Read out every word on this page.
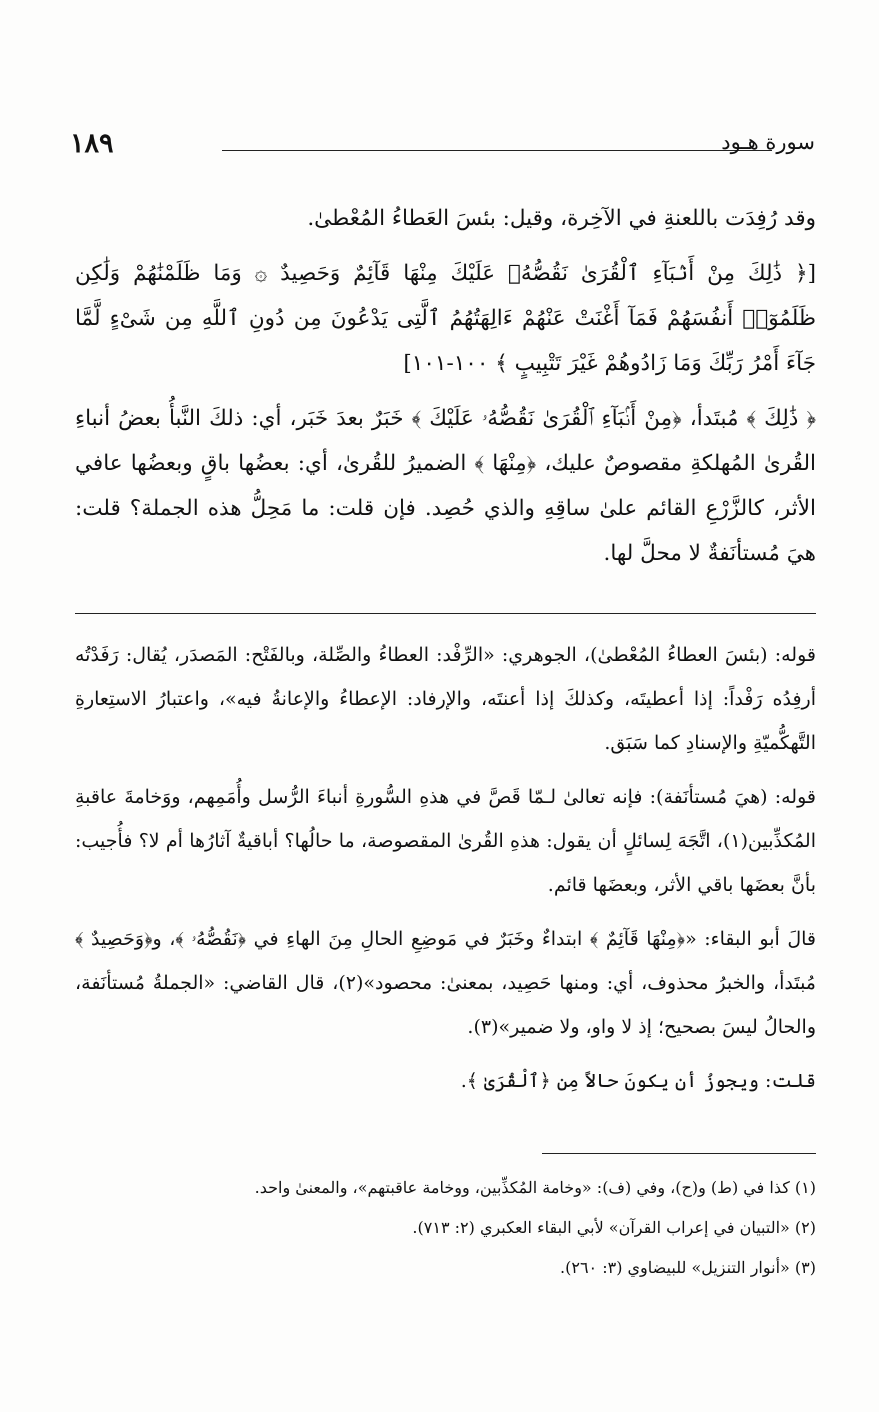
١٨٩	سورة هـود

وقد رُفِدَت باللعنةِ في الآخِرة، وقيل: بئسَ العَطاءُ المُعْطىٰ.

[﴿ ذَٰلِكَ مِنْ أَنۢبَآءِ ٱلْقُرَىٰ نَقُصُّهُۥ عَلَيْكَ مِنْهَا قَآئِمٌ وَحَصِيدٌ ۞ وَمَا ظَلَمْنَٰهُمْ وَلَٰكِن ظَلَمُوٓا۟ أَنفُسَهُمْ فَمَآ أَغْنَتْ عَنْهُمْ ءَالِهَتُهُمُ ٱلَّتِى يَدْعُونَ مِن دُونِ ٱللَّهِ مِن شَىْءٍ لَّمَّا جَآءَ أَمْرُ رَبِّكَ وَمَا زَادُوهُمْ غَيْرَ تَتْبِيبٍ ﴾ ١٠٠-١٠١]

﴿ ذَٰلِكَ ﴾ مُبتَدأ، ﴿مِنْ أَنۢبَآءِ ٱلْقُرَىٰ نَقُصُّهُۥ عَلَيْكَ ﴾ خَبَرٌ بعدَ خَبَر، أي: ذلكَ النَّبأُ بعضُ أنباءِ القُرىٰ المُهلكةِ مقصوصٌ عليك، ﴿مِنْهَا ﴾ الضميرُ للقُرىٰ، أي: بعضُها باقٍ وبعضُها عافي الأثر، كالزَّرْعِ القائم علىٰ ساقِهِ والذي حُصِد. فإن قلت: ما مَحِلُّ هذه الجملة؟ قلت: هيَ مُستأنَفةٌ لا محلَّ لها.

قوله: (بئسَ العطاءُ المُعْطىٰ)، الجوهري: «الرِّفْد: العطاءُ والصِّلة، وبالفَتْح: المَصدَر، يُقال: رَفَدْتُه أرفِدُه رَفْداً: إذا أعطيتَه، وكذلكَ إذا أعنتَه، والإرفاد: الإعطاءُ والإعانةُ فيه»، واعتبارُ الاستِعارةِ التَّهكُّميّةِ والإسنادِ كما سَبَق.

قوله: (هيَ مُستأنَفة): فإنه تعالىٰ لـمّا قَصَّ في هذهِ السُّورةِ أنباءَ الرُّسل وأُمَمِهم، ووَخامةَ عاقبةِ المُكذِّبين(١)، اتَّجَهَ لِسائلٍ أن يقول: هذهِ القُرىٰ المقصوصة، ما حالُها؟ أباقيةٌ آثارُها أم لا؟ فأُجيب: بأنَّ بعضَها باقي الأثر، وبعضَها قائم.

قالَ أبو البقاء: «﴿مِنْهَا قَآئِمٌ ﴾ ابتداءٌ وخَبَرٌ في مَوضِعِ الحالِ مِنَ الهاءِ في ﴿نَقُصُّهُۥ ﴾، و﴿وَحَصِيدٌ ﴾ مُبتَدأ، والخبرُ محذوف، أي: ومنها حَصِيد، بمعنىٰ: محصود»(٢)، قال القاضي: «الجملةُ مُستأنَفة، والحالُ ليسَ بصحيح؛ إذ لا واو، ولا ضمير»(٣).

قلت: ويجوزُ أن يكونَ حالاً مِن ﴿ٱلْقُرَىٰ ﴾.

(١) كذا في (ط) و(ح)، وفي (ف): «وخامة المُكذِّبين، ووخامة عاقبتهم»، والمعنىٰ واحد.

(٢) «التبيان في إعراب القرآن» لأبي البقاء العكبري (٢: ٧١٣).

(٣) «أنوار التنزيل» للبيضاوي (٣: ٢٦٠).
